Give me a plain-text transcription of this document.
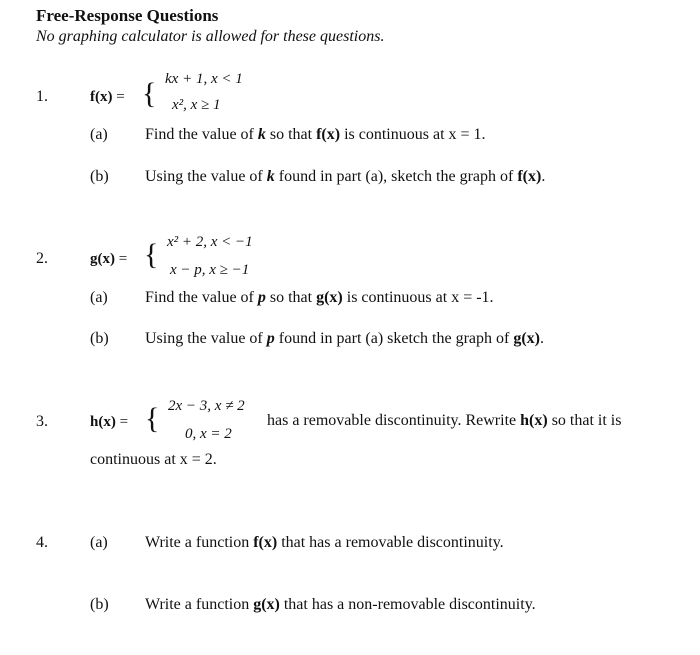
Free-Response Questions
No graphing calculator is allowed for these questions.
1.	f(x) = { kx + 1, x < 1
x², x ≥ 1
(a) Find the value of k so that f(x) is continuous at x = 1.
(b) Using the value of k found in part (a), sketch the graph of f(x).
2.	g(x) = { x² + 2, x < −1
x − p, x ≥ −1
(a) Find the value of p so that g(x) is continuous at x = -1.
(b) Using the value of p found in part (a) sketch the graph of g(x).
3.	h(x) = { 2x − 3, x ≠ 2
0, x = 2
has a removable discontinuity. Rewrite h(x) so that it is
continuous at x = 2.
4.	(a) Write a function f(x) that has a removable discontinuity.
(b) Write a function g(x) that has a non-removable discontinuity.
